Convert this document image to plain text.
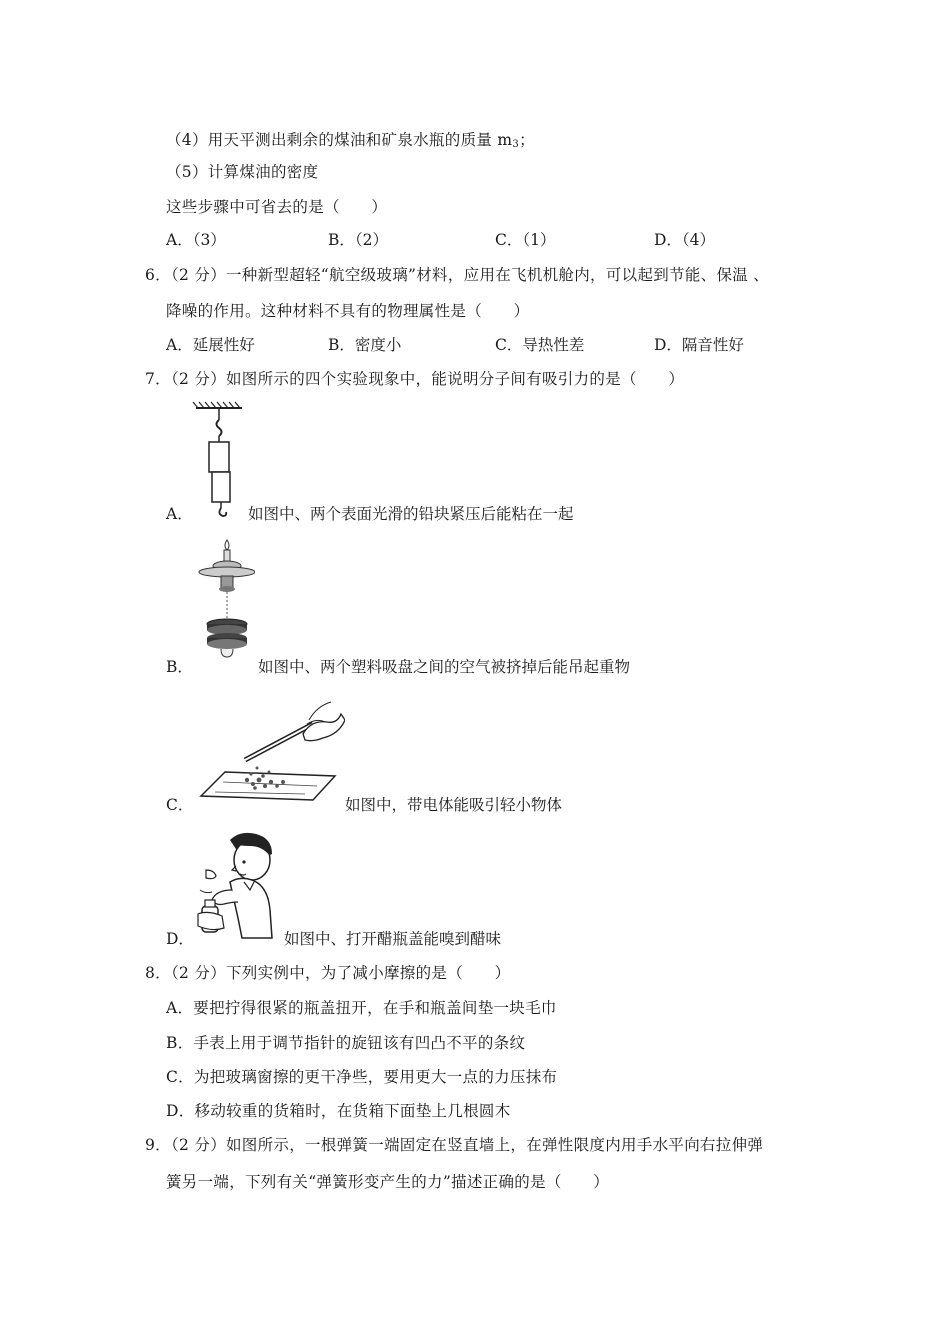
（4）用天平测出剩余的煤油和矿泉水瓶的质量 $m_3$；
（5）计算煤油的密度
这些步骤中可省去的是（　　）
A．（3）	B．（2）	C．（1）	D．（4）
6．（2 分）一种新型超轻“航空级玻璃”材料，应用在飞机机舱内，可以起到节能、保温 、
降噪的作用。这种材料不具有的物理属性是（　　）
A．延展性好	B．密度小	C．导热性差	D．隔音性好
7．（2 分）如图所示的四个实验现象中，能说明分子间有吸引力的是（　　）
A．	如图中、两个表面光滑的铅块紧压后能粘在一起
B．	如图中、两个塑料吸盘之间的空气被挤掉后能吊起重物
C．	如图中，带电体能吸引轻小物体
D．	如图中、打开醋瓶盖能嗅到醋味
8．（2 分）下列实例中，为了减小摩擦的是（　　）
A．要把拧得很紧的瓶盖扭开，在手和瓶盖间垫一块毛巾
B．手表上用于调节指针的旋钮该有凹凸不平的条纹
C．为把玻璃窗擦的更干净些，要用更大一点的力压抹布
D．移动较重的货箱时，在货箱下面垫上几根圆木
9．（2 分）如图所示，一根弹簧一端固定在竖直墙上，在弹性限度内用手水平向右拉伸弹
簧另一端，下列有关“弹簧形变产生的力”描述正确的是（　　）
